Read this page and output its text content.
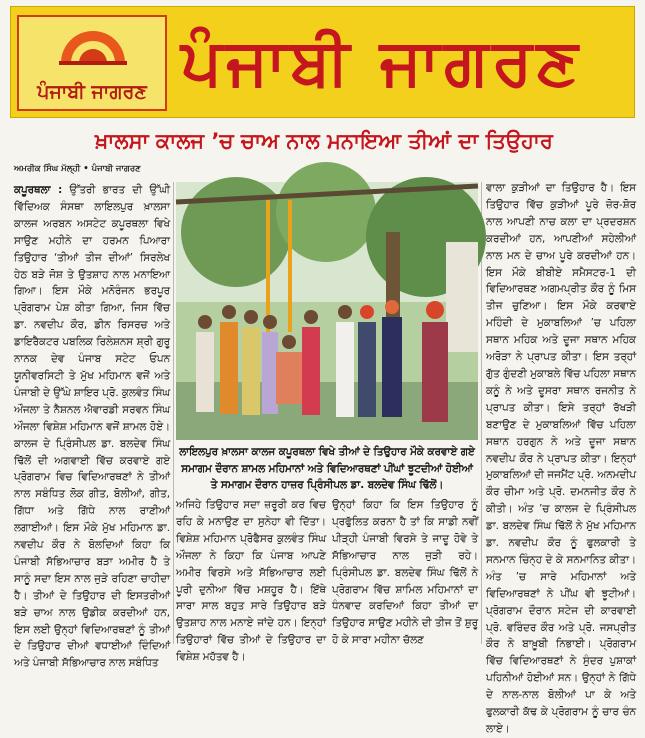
ਪੰਜਾਬੀ ਜਾਗਰਣ ਪੰਜਾਬੀ ਜਾਗਰਣ
ਖ਼ਾਲਸਾ ਕਾਲਜ ’ਚ ਚਾਅ ਨਾਲ ਮਨਾਇਆ ਤੀਆਂ ਦਾ ਤਿਉਹਾਰ
ਅਮਰੀਕ ਸਿੰਘ ਮੱਲ੍ਹੀ • ਪੰਜਾਬੀ ਜਾਗਰਣ

ਕਪੂਰਥਲਾ : ਉੱਤਰੀ ਭਾਰਤ ਦੀ ਉੱਘੀ ਵਿੱਦਿਅਕ ਸੰਸਥਾ ਲਾਇਲਪੁਰ ਖ਼ਾਲਸਾ ਕਾਲਜ ਅਰਬਨ ਅਸਟੇਟ ਕਪੂਰਥਲਾ ਵਿਖੇ ਸਾਉਣ ਮਹੀਨੇ ਦਾ ਹਰਮਨ ਪਿਆਰਾ ਤਿਉਹਾਰ ‘ਤੀਆਂ ਤੀਜ ਦੀਆਂ’ ਸਿਰਲੇਖ ਹੇਠ ਬੜੇ ਜੋਸ਼ ਤੇ ਉਤਸ਼ਾਹ ਨਾਲ ਮਨਾਇਆ ਗਿਆ। ਇਸ ਮੌਕੇ ਮਨੋਰੰਜਨ ਭਰਪੂਰ ਪ੍ਰੋਗਰਾਮ ਪੇਸ਼ ਕੀਤਾ ਗਿਆ, ਜਿਸ ਵਿੱਚ ਡਾ. ਨਵਦੀਪ ਕੌਰ, ਡੀਨ ਰਿਸਰਚ ਅਤੇ ਡਾਇਰੈਕਟਰ ਪਬਲਿਕ ਰਿਲੇਸ਼ਨਸ ਸ਼੍ਰੀ ਗੁਰੂ ਨਾਨਕ ਦੇਵ ਪੰਜਾਬ ਸਟੇਟ ਓਪਨ ਯੂਨੀਵਰਸਿਟੀ ਤੇ ਮੁੱਖ ਮਹਿਮਾਨ ਵਜੋਂ ਅਤੇ ਪੰਜਾਬੀ ਦੇ ਉੱਘੇ ਸ਼ਾਇਰ ਪ੍ਰੋ. ਕੁਲਵੰਤ ਸਿੰਘ ਔਜਲਾ ਤੇ ਨੈਸ਼ਨਲ ਐਵਾਰਡੀ ਸਰਵਨ ਸਿੰਘ ਔਜਲਾ ਵਿਸ਼ੇਸ਼ ਮਹਿਮਾਨ ਵਜੋਂ ਸ਼ਾਮਲ ਹੋਏ। ਕਾਲਜ ਦੇ ਪ੍ਰਿੰਸੀਪਲ ਡਾ. ਬਲਦੇਵ ਸਿੰਘ ਢਿੱਲੋਂ ਦੀ ਅਗਵਾਈ ਵਿੱਚ ਕਰਵਾਏ ਗਏ ਪ੍ਰੋਗਰਾਮ ਵਿਚ ਵਿਦਿਆਰਥਣਾਂ ਨੇ ਤੀਆਂ ਨਾਲ ਸਬੰਧਿਤ ਲੋਕ ਗੀਤ, ਬੋਲੀਆਂ, ਗੀਤ, ਗਿੱਧਾ ਅਤੇ ਗਿੱਧੇ ਨਾਲ ਰਾਣੀਆਂ ਲਗਾਈਆਂ। ਇਸ ਮੌਕੇ ਮੁੱਖ ਮਹਿਮਾਨ ਡਾ. ਨਵਦੀਪ ਕੌਰ ਨੇ ਬੋਲਦਿਆਂ ਕਿਹਾ ਕਿ ਪੰਜਾਬੀ ਸੱਭਿਆਚਾਰ ਬੜਾ ਅਮੀਰ ਹੈ ਤੇ ਸਾਨੂੰ ਸਦਾ ਇਸ ਨਾਲ ਜੁੜੇ ਰਹਿਣਾ ਚਾਹੀਦਾ ਹੈ। ਤੀਆਂ ਦੇ ਤਿਉਹਾਰ ਦੀ ਇਸਤਰੀਆਂ ਬੜੇ ਚਾਅ ਨਾਲ ਉਡੀਕ ਕਰਦੀਆਂ ਹਨ, ਇਸ ਲਈ ਉਨ੍ਹਾਂ ਵਿਦਿਆਰਥਣਾਂ ਨੂੰ ਤੀਆਂ ਦੇ ਤਿਉਹਾਰ ਦੀਆਂ ਵਧਾਈਆਂ ਦਿੰਦਿਆਂ ਅਤੇ ਪੰਜਾਬੀ ਸੱਭਿਆਚਾਰ ਨਾਲ ਸਬੰਧਿਤ

ਲਾਇਲਪੁਰ ਖ਼ਾਲਸਾ ਕਾਲਜ ਕਪੂਰਥਲਾ ਵਿਖੇ ਤੀਆਂ ਦੇ ਤਿਉਹਾਰ ਮੌਕੇ ਕਰਵਾਏ ਗਏ ਸਮਾਗਮ ਦੌਰਾਨ ਸ਼ਾਮਲ ਮਹਿਮਾਨਾਂ ਅਤੇ ਵਿਦਿਆਰਥਣਾਂ ਪੀਂਘਾਂ ਝੂਟਦੀਆਂ ਹੋਈਆਂ ਤੇ ਸਮਾਗਮ ਦੌਰਾਨ ਹਾਜ਼ਰ ਪ੍ਰਿੰਸੀਪਲ ਡਾ. ਬਲਦੇਵ ਸਿੰਘ ਢਿੱਲੋਂ।

ਅਜਿਹੇ ਤਿਉਹਾਰ ਸਦਾ ਜ਼ਰੂਰੀ ਕਰ ਵਿਚ ਰਹਿ ਕੇ ਮਨਾਉਣ ਦਾ ਸੁਨੇਹਾ ਵੀ ਦਿੱਤਾ। ਵਿਸ਼ੇਸ਼ ਮਹਿਮਾਨ ਪ੍ਰੋਫੈਸਰ ਕੁਲਵੰਤ ਸਿੰਘ ਔਜਲਾ ਨੇ ਕਿਹਾ ਕਿ ਪੰਜਾਬ ਆਪਣੇ ਅਮੀਰ ਵਿਰਸੇ ਅਤੇ ਸੱਭਿਆਚਾਰ ਲਈ ਪੂਰੀ ਦੁਨੀਆ ਵਿੱਚ ਮਸ਼ਹੂਰ ਹੈ। ਇੱਥੇ ਸਾਰਾ ਸਾਲ ਬਹੁਤ ਸਾਰੇ ਤਿਉਹਾਰ ਬੜੇ ਉਤਸ਼ਾਹ ਨਾਲ ਮਨਾਏ ਜਾਂਦੇ ਹਨ। ਇਨ੍ਹਾਂ ਤਿਉਹਾਰਾਂ ਵਿੱਚ ਤੀਆਂ ਦੇ ਤਿਉਹਾਰ ਦਾ ਵਿਸ਼ੇਸ਼ ਮਹੱਤਵ ਹੈ।

ਉਨ੍ਹਾਂ ਕਿਹਾ ਕਿ ਇਸ ਤਿਉਹਾਰ ਨੂੰ ਪ੍ਰਫੁੱਲਿਤ ਕਰਨਾ ਹੈ ਤਾਂ ਕਿ ਸਾਡੀ ਨਵੀਂ ਪੀੜ੍ਹੀ ਪੰਜਾਬੀ ਵਿਰਸੇ ਤੇ ਜਾਦੂ ਹੋਵੇ ਤੇ ਸੱਭਿਆਚਾਰ ਨਾਲ ਜੁੜੀ ਰਹੇ। ਪ੍ਰਿੰਸੀਪਲ ਡਾ. ਬਲਦੇਵ ਸਿੰਘ ਢਿੱਲੋਂ ਨੇ ਪ੍ਰੋਗਰਾਮ ਵਿੱਚ ਸ਼ਾਮਿਲ ਮਹਿਮਾਨਾਂ ਦਾ ਧੰਨਵਾਦ ਕਰਦਿਆਂ ਕਿਹਾ ਤੀਆਂ ਦਾ ਤਿਉਹਾਰ ਸਾਉਣ ਮਹੀਨੇ ਦੀ ਤੀਜ ਤੋਂ ਸ਼ੁਰੂ ਹੋ ਕੇ ਸਾਰਾ ਮਹੀਨਾ ਚੱਲਣ

ਵਾਲਾ ਕੁੜੀਆਂ ਦਾ ਤਿਉਹਾਰ ਹੈ। ਇਸ ਤਿਉਹਾਰ ਵਿੱਚ ਕੁੜੀਆਂ ਪੂਰੇ ਜ਼ੋਰ-ਸ਼ੋਰ ਨਾਲ ਆਪਣੀ ਨਾਚ ਕਲਾ ਦਾ ਪ੍ਰਦਰਸ਼ਨ ਕਰਦੀਆਂ ਹਨ, ਆਪਣੀਆਂ ਸਹੇਲੀਆਂ ਨਾਲ ਮਨ ਦੇ ਚਾਅ ਪੂਰੇ ਕਰਦੀਆਂ ਹਨ। ਇਸ ਮੌਕੇ ਬੀਬੀਏ ਸਮੈਸਟਰ-1 ਦੀ ਵਿਦਿਆਰਥਣ ਅਗਮਪ੍ਰੀਤ ਕੌਰ ਨੂੰ ਮਿਸ ਤੀਜ ਚੁਣਿਆ। ਇਸ ਮੌਕੇ ਕਰਵਾਏ ਮਹਿੰਦੀ ਦੇ ਮੁਕਾਬਲਿਆਂ ’ਚ ਪਹਿਲਾ ਸਥਾਨ ਮਹਿਕ ਅਤੇ ਦੂਜਾ ਸਥਾਨ ਮਹਿਕ ਅਰੋੜਾ ਨੇ ਪ੍ਰਾਪਤ ਕੀਤਾ। ਇਸ ਤਰ੍ਹਾਂ ਗੁੱਤ ਗੁੰਦਣੀ ਮੁਕਾਬਲੇ ਵਿੱਚ ਪਹਿਲਾ ਸਥਾਨ ਕਨੂੰ ਨੇ ਅਤੇ ਦੂਸਰਾ ਸਥਾਨ ਰਜਨੀਤ ਨੇ ਪ੍ਰਾਪਤ ਕੀਤਾ। ਇਸੇ ਤਰ੍ਹਾਂ ਰੱਖੜੀ ਬਣਾਉਣ ਦੇ ਮੁਕਾਬਲਿਆਂ ਵਿੱਚ ਪਹਿਲਾ ਸਥਾਨ ਹਰਗੁਨ ਨੇ ਅਤੇ ਦੂਜਾ ਸਥਾਨ ਨਵਦੀਪ ਕੌਰ ਨੇ ਪ੍ਰਾਪਤ ਕੀਤਾ। ਇਨ੍ਹਾਂ ਮੁਕਾਬਲਿਆਂ ਦੀ ਜਜਮੈਂਟ ਪ੍ਰੋ. ਅਨਮਦੀਪ ਕੌਰ ਚੀਮਾ ਅਤੇ ਪ੍ਰੋ. ਦਮਨਜੀਤ ਕੌਰ ਨੇ ਕੀਤੀ। ਅੰਤ ’ਚ ਕਾਲਜ ਦੇ ਪ੍ਰਿੰਸੀਪਲ ਡਾ. ਬਲਦੇਵ ਸਿੰਘ ਢਿੱਲੋਂ ਨੇ ਮੁੱਖ ਮਹਿਮਾਨ ਡਾ. ਨਵਦੀਪ ਕੌਰ ਨੂੰ ਫੁਲਕਾਰੀ ਤੇ ਸਨਮਾਨ ਚਿੰਨ੍ਹ ਦੇ ਕੇ ਸਨਮਾਨਿਤ ਕੀਤਾ। ਅੰਤ ’ਚ ਸਾਰੇ ਮਹਿਮਾਨਾਂ ਅਤੇ ਵਿਦਿਆਰਥਣਾਂ ਨੇ ਪੀਂਘ ਵੀ ਝੂਟੀਆਂ। ਪ੍ਰੋਗਰਾਮ ਦੌਰਾਨ ਸਟੇਜ ਦੀ ਕਾਰਵਾਈ ਪ੍ਰੋ. ਵਰਿੰਦਰ ਕੌਰ ਅਤੇ ਪ੍ਰੋ. ਜਸਪ੍ਰੀਤ ਕੌਰ ਨੇ ਬਾਖ਼ੂਬੀ ਨਿਭਾਈ। ਪ੍ਰੋਗਰਾਮ ਵਿੱਚ ਵਿਦਿਆਰਥਣਾਂ ਨੇ ਸੁੰਦਰ ਪੁਸ਼ਾਕਾਂ ਪਹਿਨੀਆਂ ਹੋਈਆਂ ਸਨ। ਉਨ੍ਹਾਂ ਨੇ ਗਿੱਧੇ ਦੇ ਨਾਲ-ਨਾਲ ਬੋਲੀਆਂ ਪਾ ਕੇ ਅਤੇ ਫੁਲਕਾਰੀ ਕੱਢ ਕੇ ਪ੍ਰੋਗਰਾਮ ਨੂੰ ਚਾਰ ਚੰਨ ਲਾਏ।
